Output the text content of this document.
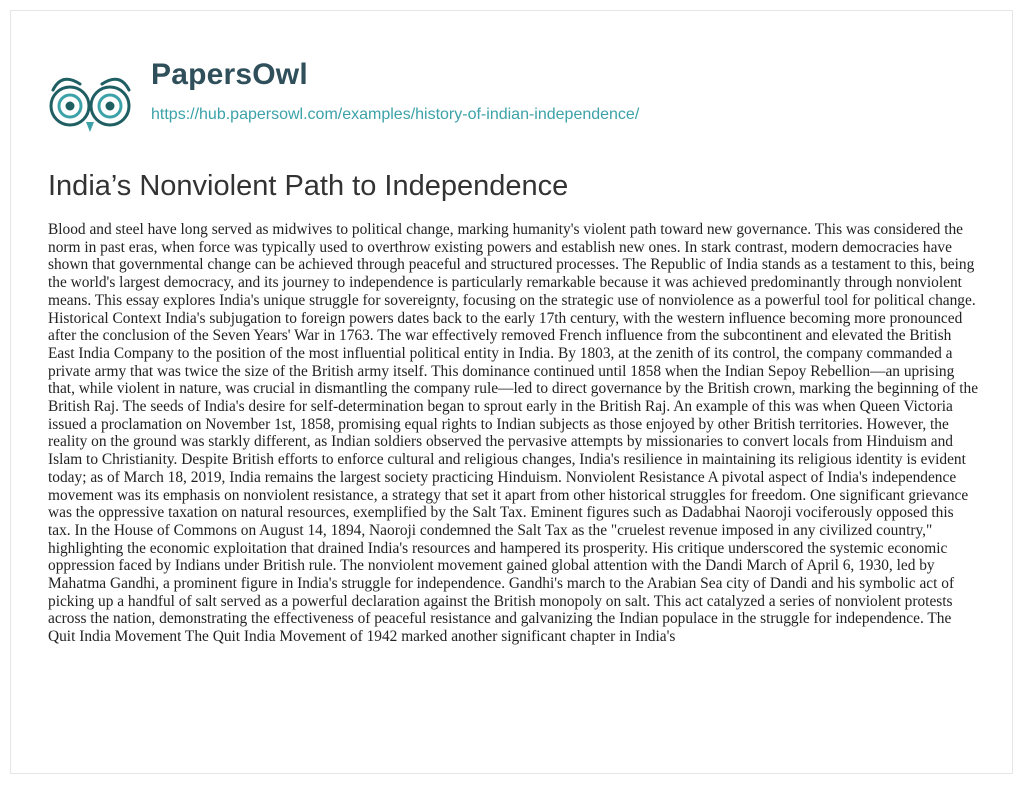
PapersOwl
https://hub.papersowl.com/examples/history-of-indian-independence/
India’s Nonviolent Path to Independence

Blood and steel have long served as midwives to political change, marking humanity's violent path toward new governance. This was considered the norm in past eras, when force was typically used to overthrow existing powers and establish new ones. In stark contrast, modern democracies have shown that governmental change can be achieved through peaceful and structured processes. The Republic of India stands as a testament to this, being the world's largest democracy, and its journey to independence is particularly remarkable because it was achieved predominantly through nonviolent means. This essay explores India's unique struggle for sovereignty, focusing on the strategic use of nonviolence as a powerful tool for political change. Historical Context India's subjugation to foreign powers dates back to the early 17th century, with the western influence becoming more pronounced after the conclusion of the Seven Years' War in 1763. The war effectively removed French influence from the subcontinent and elevated the British East India Company to the position of the most influential political entity in India. By 1803, at the zenith of its control, the company commanded a private army that was twice the size of the British army itself. This dominance continued until 1858 when the Indian Sepoy Rebellion—an uprising that, while violent in nature, was crucial in dismantling the company rule—led to direct governance by the British crown, marking the beginning of the British Raj. The seeds of India's desire for self-determination began to sprout early in the British Raj. An example of this was when Queen Victoria issued a proclamation on November 1st, 1858, promising equal rights to Indian subjects as those enjoyed by other British territories. However, the reality on the ground was starkly different, as Indian soldiers observed the pervasive attempts by missionaries to convert locals from Hinduism and Islam to Christianity. Despite British efforts to enforce cultural and religious changes, India's resilience in maintaining its religious identity is evident today; as of March 18, 2019, India remains the largest society practicing Hinduism. Nonviolent Resistance A pivotal aspect of India's independence movement was its emphasis on nonviolent resistance, a strategy that set it apart from other historical struggles for freedom. One significant grievance was the oppressive taxation on natural resources, exemplified by the Salt Tax. Eminent figures such as Dadabhai Naoroji vociferously opposed this tax. In the House of Commons on August 14, 1894, Naoroji condemned the Salt Tax as the "cruelest revenue imposed in any civilized country," highlighting the economic exploitation that drained India's resources and hampered its prosperity. His critique underscored the systemic economic oppression faced by Indians under British rule. The nonviolent movement gained global attention with the Dandi March of April 6, 1930, led by Mahatma Gandhi, a prominent figure in India's struggle for independence. Gandhi's march to the Arabian Sea city of Dandi and his symbolic act of picking up a handful of salt served as a powerful declaration against the British monopoly on salt. This act catalyzed a series of nonviolent protests across the nation, demonstrating the effectiveness of peaceful resistance and galvanizing the Indian populace in the struggle for independence. The Quit India Movement The Quit India Movement of 1942 marked another significant chapter in India's
